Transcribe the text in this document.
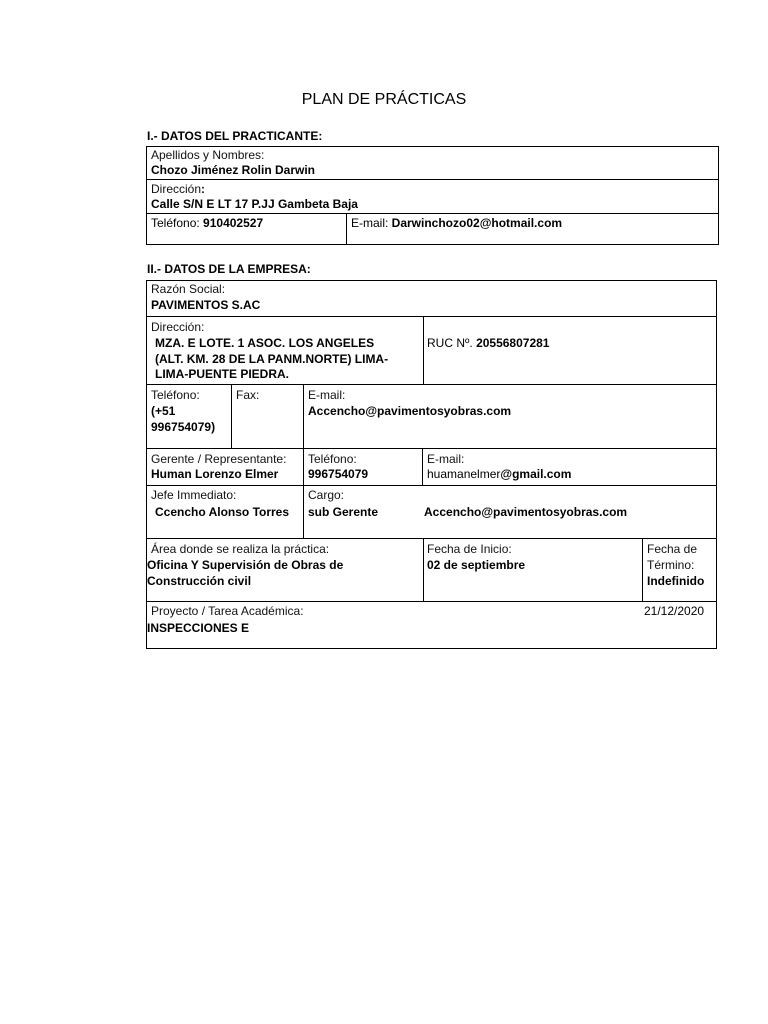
PLAN DE PRÁCTICAS
I.- DATOS DEL PRACTICANTE:
Apellidos y Nombres:
Chozo Jiménez Rolin Darwin
Dirección:
Calle S/N E LT 17 P.JJ Gambeta Baja
Teléfono: 910402527	E-mail: Darwinchozo02@hotmail.com
II.- DATOS DE LA EMPRESA:
Razón Social:
PAVIMENTOS S.AC
Dirección:
MZA. E LOTE. 1 ASOC. LOS ANGELES
(ALT. KM. 28 DE LA PANM.NORTE) LIMA-
LIMA-PUENTE PIEDRA.
RUC Nº. 20556807281
Teléfono:
(+51
996754079)
Fax:	E-mail:
Accencho@pavimentosyobras.com
Gerente / Representante:
Human Lorenzo Elmer
Teléfono:
996754079
E-mail:
huamanelmer@gmail.com
Jefe Immediato:
Ccencho Alonso Torres
Cargo:
sub Gerente	Accencho@pavimentosyobras.com
Área donde se realiza la práctica:
Oficina Y Supervisión de Obras de
Construcción civil
Fecha de Inicio:
02 de septiembre
Fecha de
Término:
Indefinido
Proyecto / Tarea Académica:	21/12/2020
INSPECCIONES E
